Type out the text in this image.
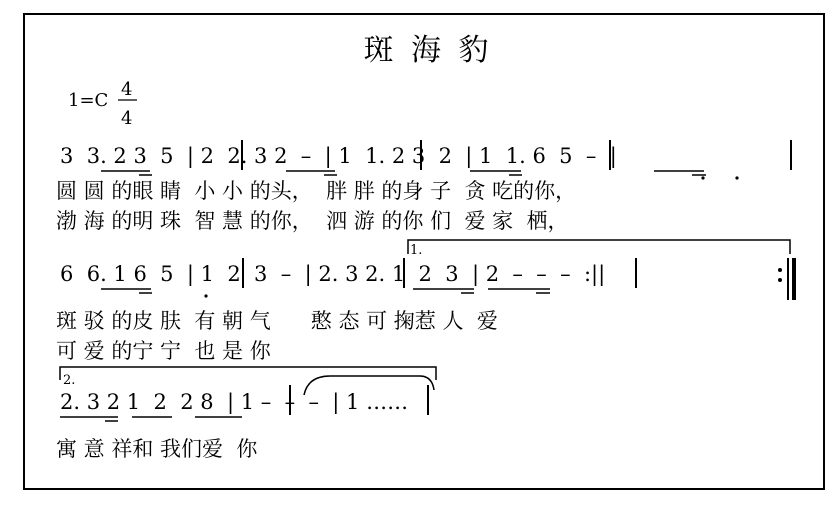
斑 海 豹
1=C
4
4
3  3. 2 3  5  | 2  2. 3 2  –  | 1  1. 2 3  2  | 1  1. 6  5  –  |
圆 圆 的眼 睛  小 小 的头，  胖 胖 的身 子  贪 吃的你，
渤 海 的明 珠  智 慧 的你，  泗 游 的你 们  爱 家  栖，
1.
6  6. 1 6  5  | 1  2  3  –  | 2. 3 2. 1  2  3  | 2  –  –  –  :||
斑 驳 的皮 肤  有 朝 气      憨 态 可 掬惹 人  爱
可 爱 的宁 宁  也 是 你
2.
2. 3 2 1  2  2 8  | 1 –  –  –  | 1 ……
寓 意 祥和 我们爱  你
